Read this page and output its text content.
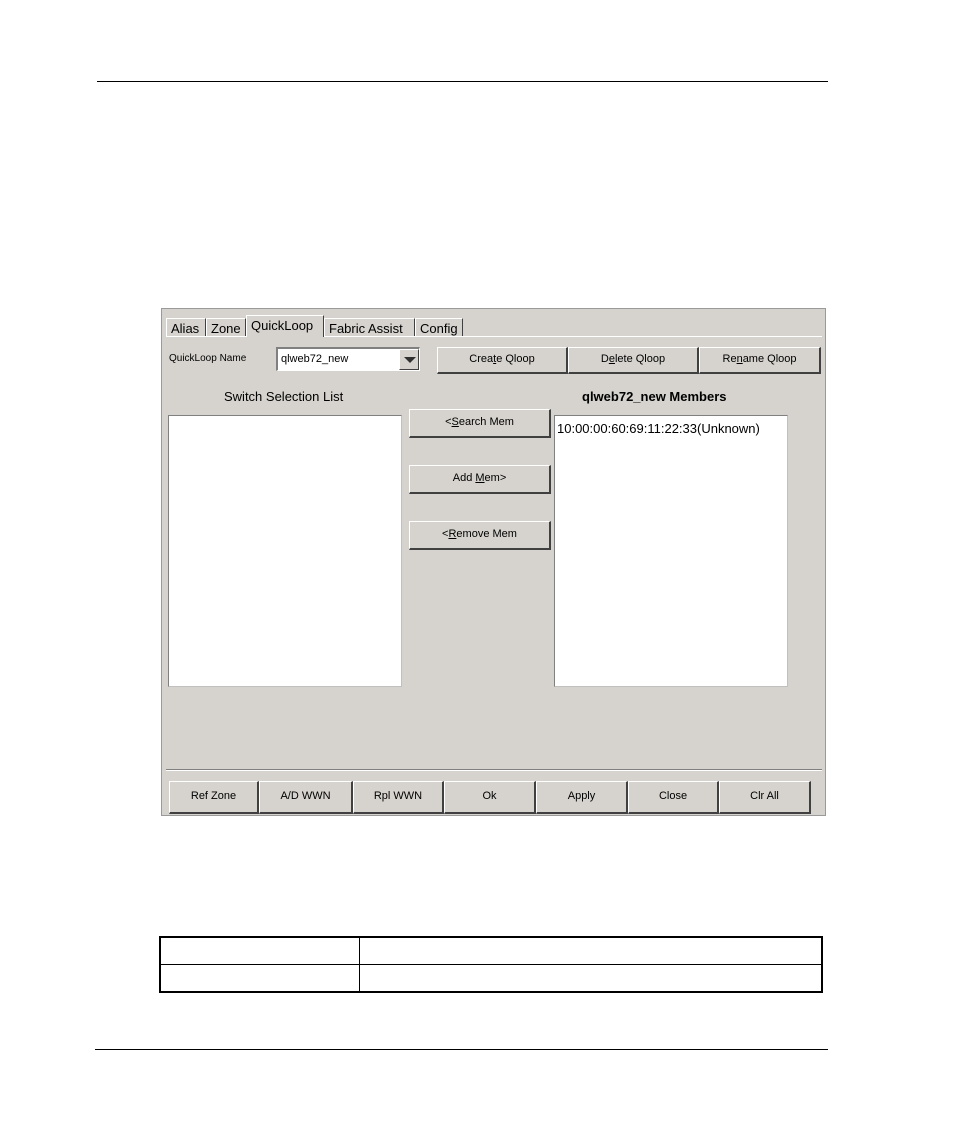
Alias Zone QuickLoop	Fabric Assist	Config
QuickLoop Name	qlweb72_new	Create Qloop	Delete Qloop	Rename Qloop
Switch Selection List
<Search Mem
Add Mem>
<Remove Mem
qlweb72_new Members
10:00:00:60:69:11:22:33(Unknown)
Ref Zone	A/D WWN	Rpl WWN	Ok	Apply	Close	Clr All
